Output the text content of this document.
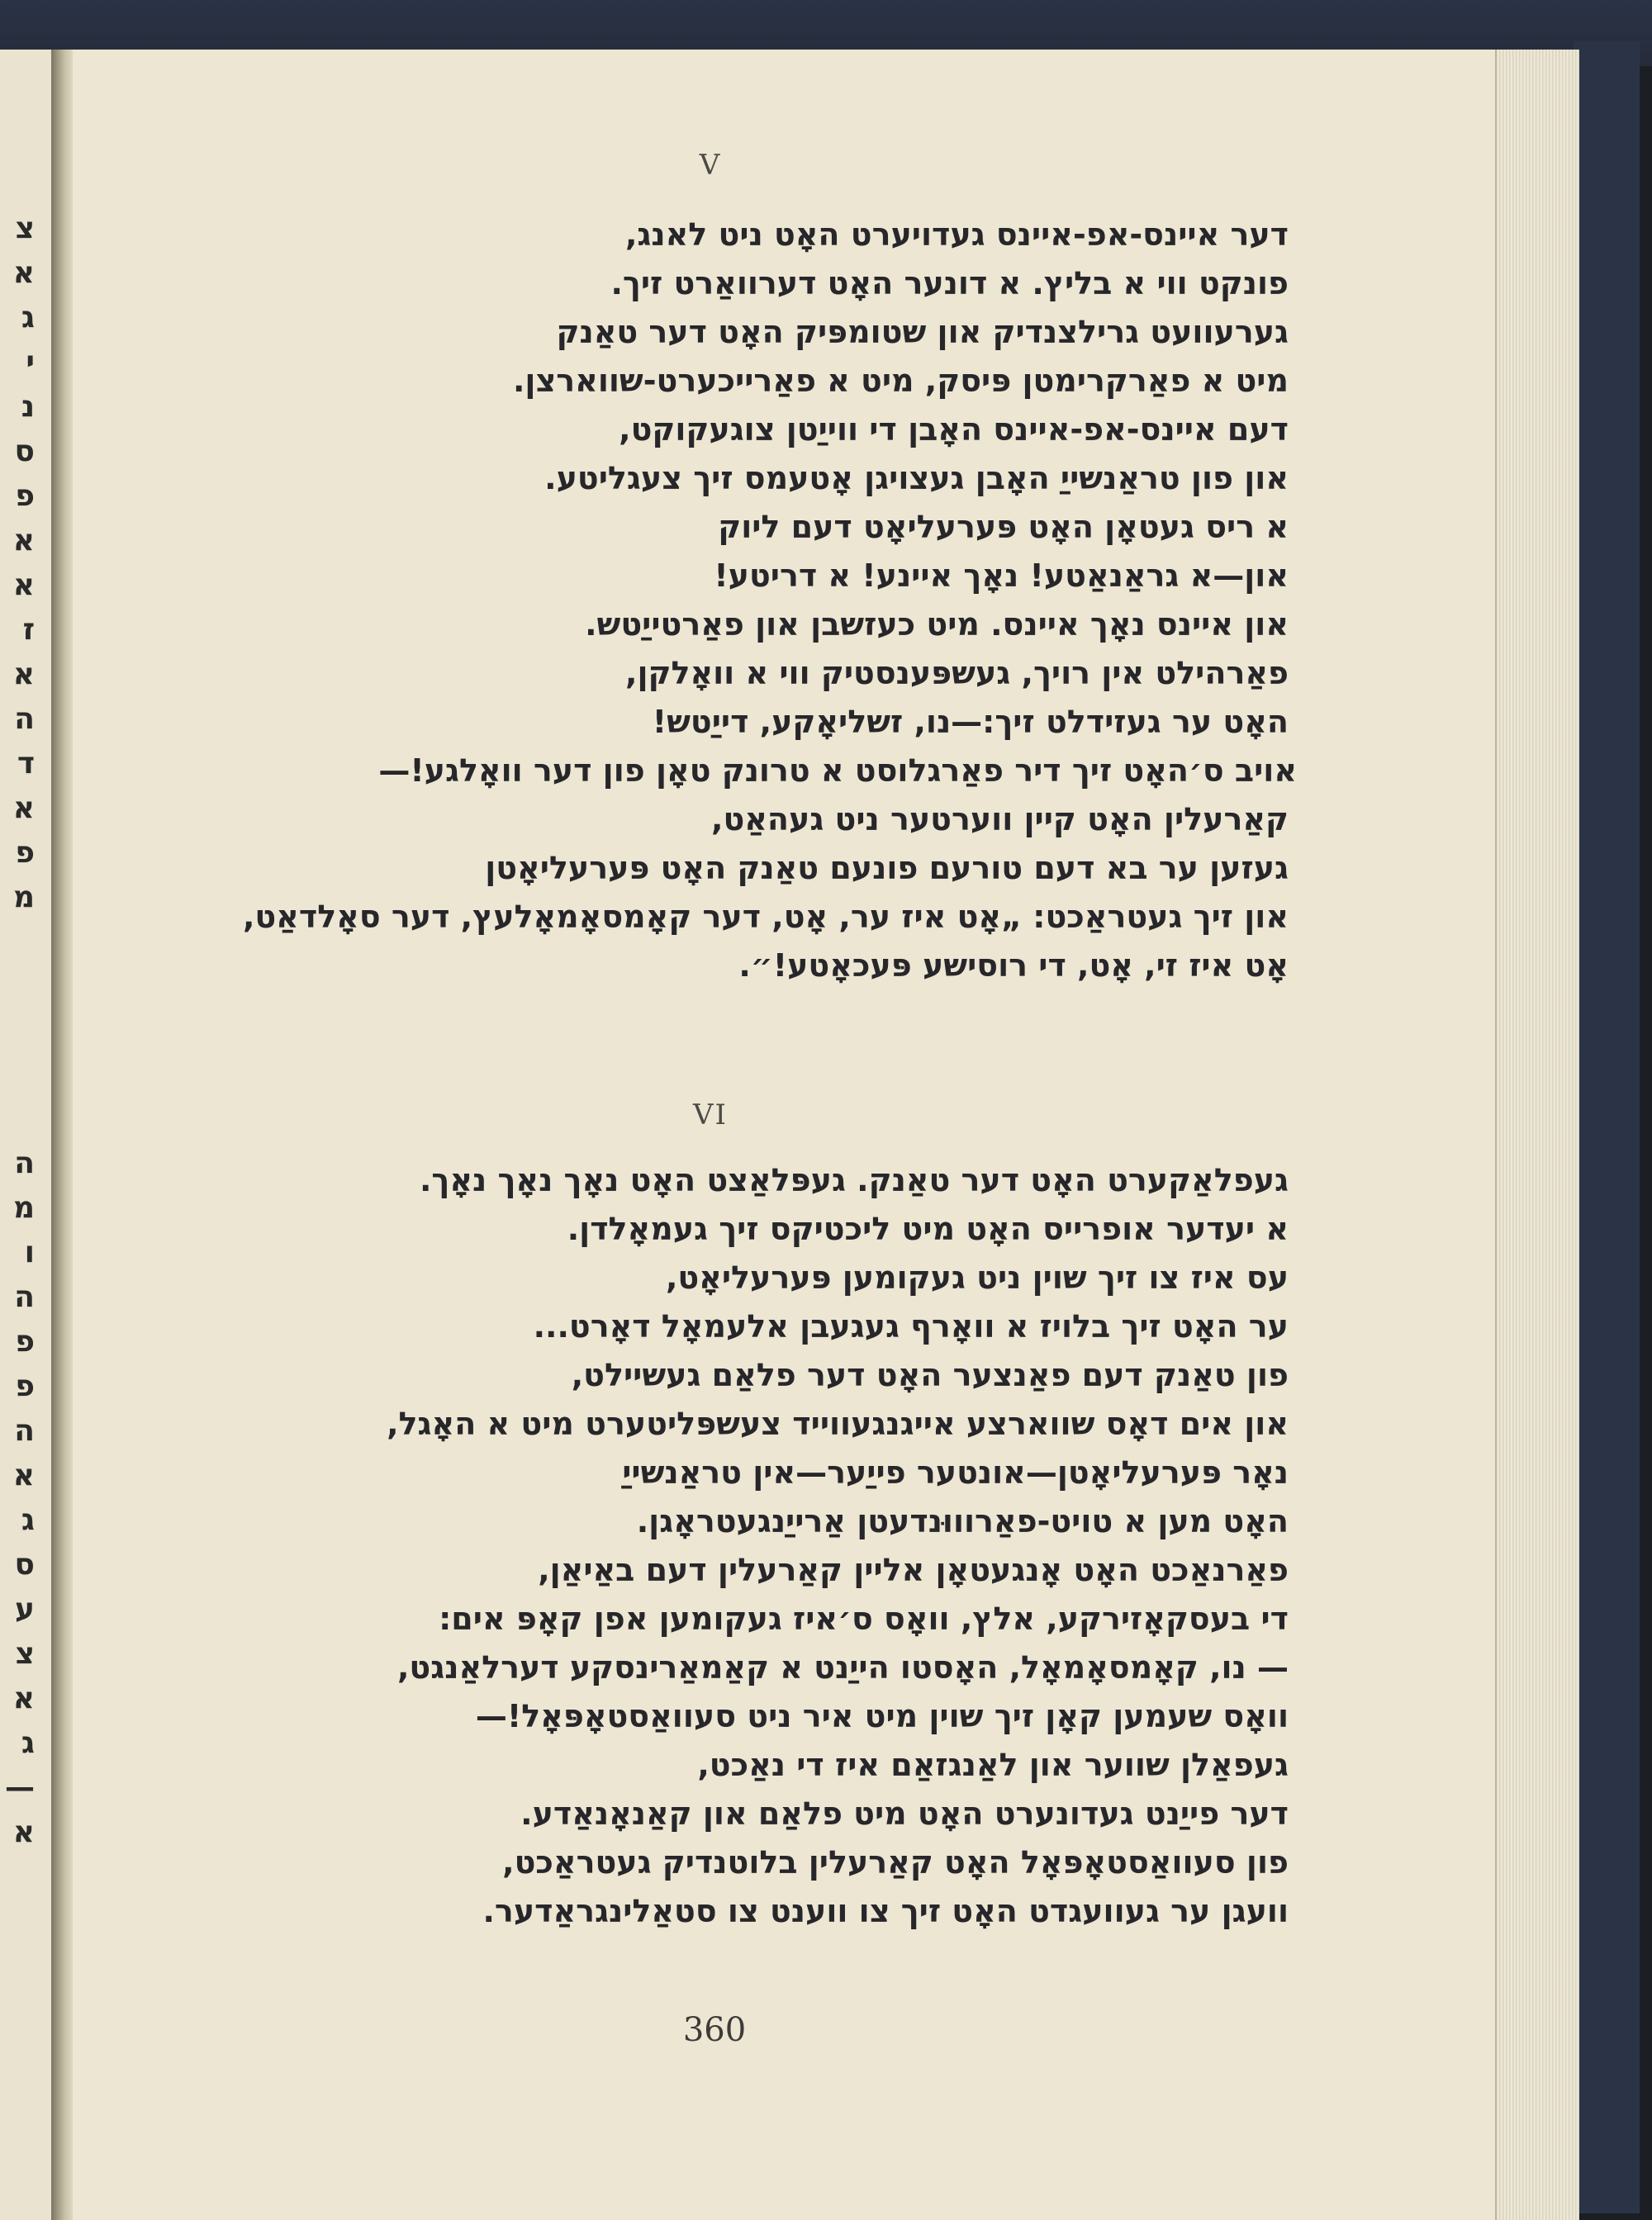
צ
א
ג
י
נ
ס
פ
א
א
ז
א
ה
ד
א
פ
מ
ה
מ
ו
ה
פ
פ
ה
א
ג
ס
ע
צ
א
ג
—
א
V
דער איינס-אפ-איינס געדויערט האָט ניט לאנג,
פונקט ווי א בליץ. א דונער האָט דערוואַרט זיך.
גערעוועט גרילצנדיק און שטומפּיק האָט דער טאַנק
מיט א פאַרקרימטן פּיסק, מיט א פאַרייכערט-שווארצן.
דעם איינס-אפ-איינס האָבן די ווייַטן צוגעקוקט,
און פון טראַנשייַ האָבן געצויגן אָטעמס זיך צעגליטע.
א ריס געטאָן האָט פּערעליאָט דעם ליוק
און—א גראַנאַטע! נאָך איינע! א דריטע!
און איינס נאָך איינס. מיט כעזשבן און פאַרטייַטש.
פאַרהילט אין רויך, געשפּענסטיק ווי א וואָלקן,
האָט ער געזידלט זיך:—נו, זשליאָקע, דייַטש!
אויב ס׳האָט זיך דיר פאַרגלוסט א טרונק טאָן פון דער וואָלגע!—
קאַרעלין האָט קיין ווערטער ניט געהאַט,
געזען ער בא דעם טורעם פונעם טאַנק האָט פּערעליאָטן
און זיך געטראַכט: „אָט איז ער, אָט, דער קאָמסאָמאָלעץ, דער סאָלדאַט,
אָט איז זי, אָט, די רוסישע פּעכאָטע!״.
VI
געפלאַקערט האָט דער טאַנק. געפּלאַצט האָט נאָך נאָך נאָך.
א יעדער אופרייס האָט מיט ליכטיקס זיך געמאָלדן.
עס איז צו זיך שוין ניט געקומען פּערעליאָט,
ער האָט זיך בלויז א וואָרף געגעבן אלעמאָל דאָרט...
פון טאַנק דעם פאַנצער האָט דער פלאַם געשיילט,
און אים דאָס שווארצע אייגנגעווייד צעשפּליטערט מיט א האָגל,
נאָר פּערעליאָטן—אונטער פייַער—אין טראַנשייַ
האָט מען א טויט-פאַרוווּנדעטן אַרייַנגעטראָגן.
פאַרנאַכט האָט אָנגעטאָן אליין קאַרעלין דעם באַיאַן,
די בעסקאָזירקע, אלץ, וואָס ס׳איז געקומען אפן קאָפּ אים:
— נו, קאָמסאָמאָל, האָסטו הייַנט א קאַמאַרינסקע דערלאַנגט,
וואָס שעמען קאָן זיך שוין מיט איר ניט סעוואַסטאָפּאָל!—
געפאַלן שווער און לאַנגזאַם איז די נאַכט,
דער פייַנט געדונערט האָט מיט פלאַם און קאַנאָנאַדע.
פון סעוואַסטאָפּאָל האָט קאַרעלין בלוטנדיק געטראַכט,
וועגן ער געוועגדט האָט זיך צו ווענט צו סטאַלינגראַדער.
360
